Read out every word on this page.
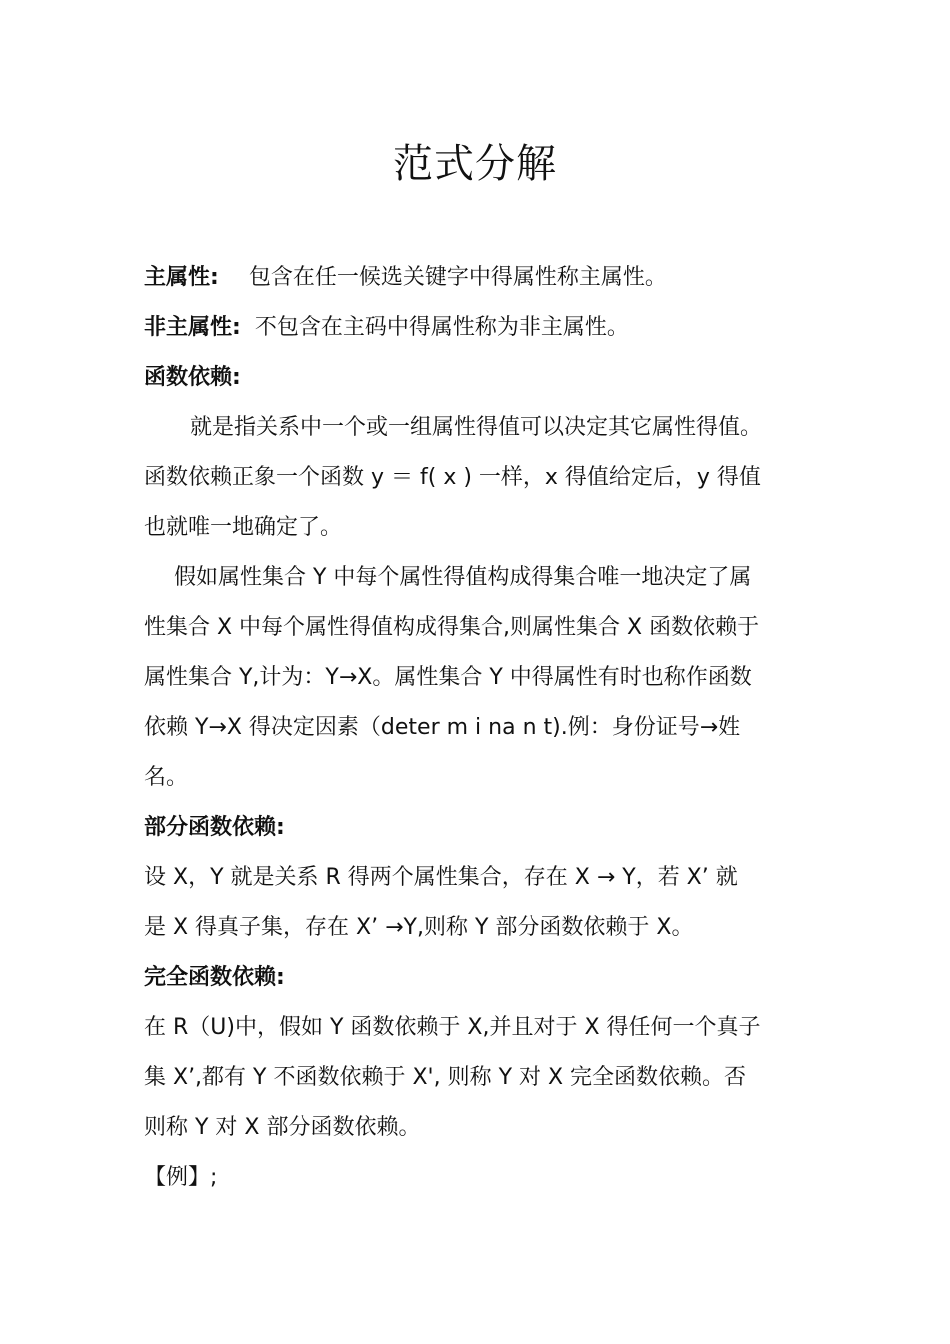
范式分解
主属性: 包含在任一候选关键字中得属性称主属性。
非主属性: 不包含在主码中得属性称为非主属性。
函数依赖:
就是指关系中一个或一组属性得值可以决定其它属性得值。
函数依赖正象一个函数 y ＝ f( x ) 一样，x 得值给定后，y 得值
也就唯一地确定了。
假如属性集合 Y 中每个属性得值构成得集合唯一地决定了属
性集合 X 中每个属性得值构成得集合,则属性集合 X 函数依赖于
属性集合 Y,计为：Y→X。属性集合 Y 中得属性有时也称作函数
依赖 Y→X 得决定因素（deter m i na n t).例：身份证号→姓
名。
部分函数依赖:
设 X，Y 就是关系 R 得两个属性集合，存在 X → Y，若 X’ 就
是 X 得真子集，存在 X’ →Y,则称 Y 部分函数依赖于 X。
完全函数依赖:
在 R（U)中，假如 Y 函数依赖于 X,并且对于 X 得任何一个真子
集 X’,都有 Y 不函数依赖于 X', 则称 Y 对 X 完全函数依赖。否
则称 Y 对 X 部分函数依赖。
【例】;
